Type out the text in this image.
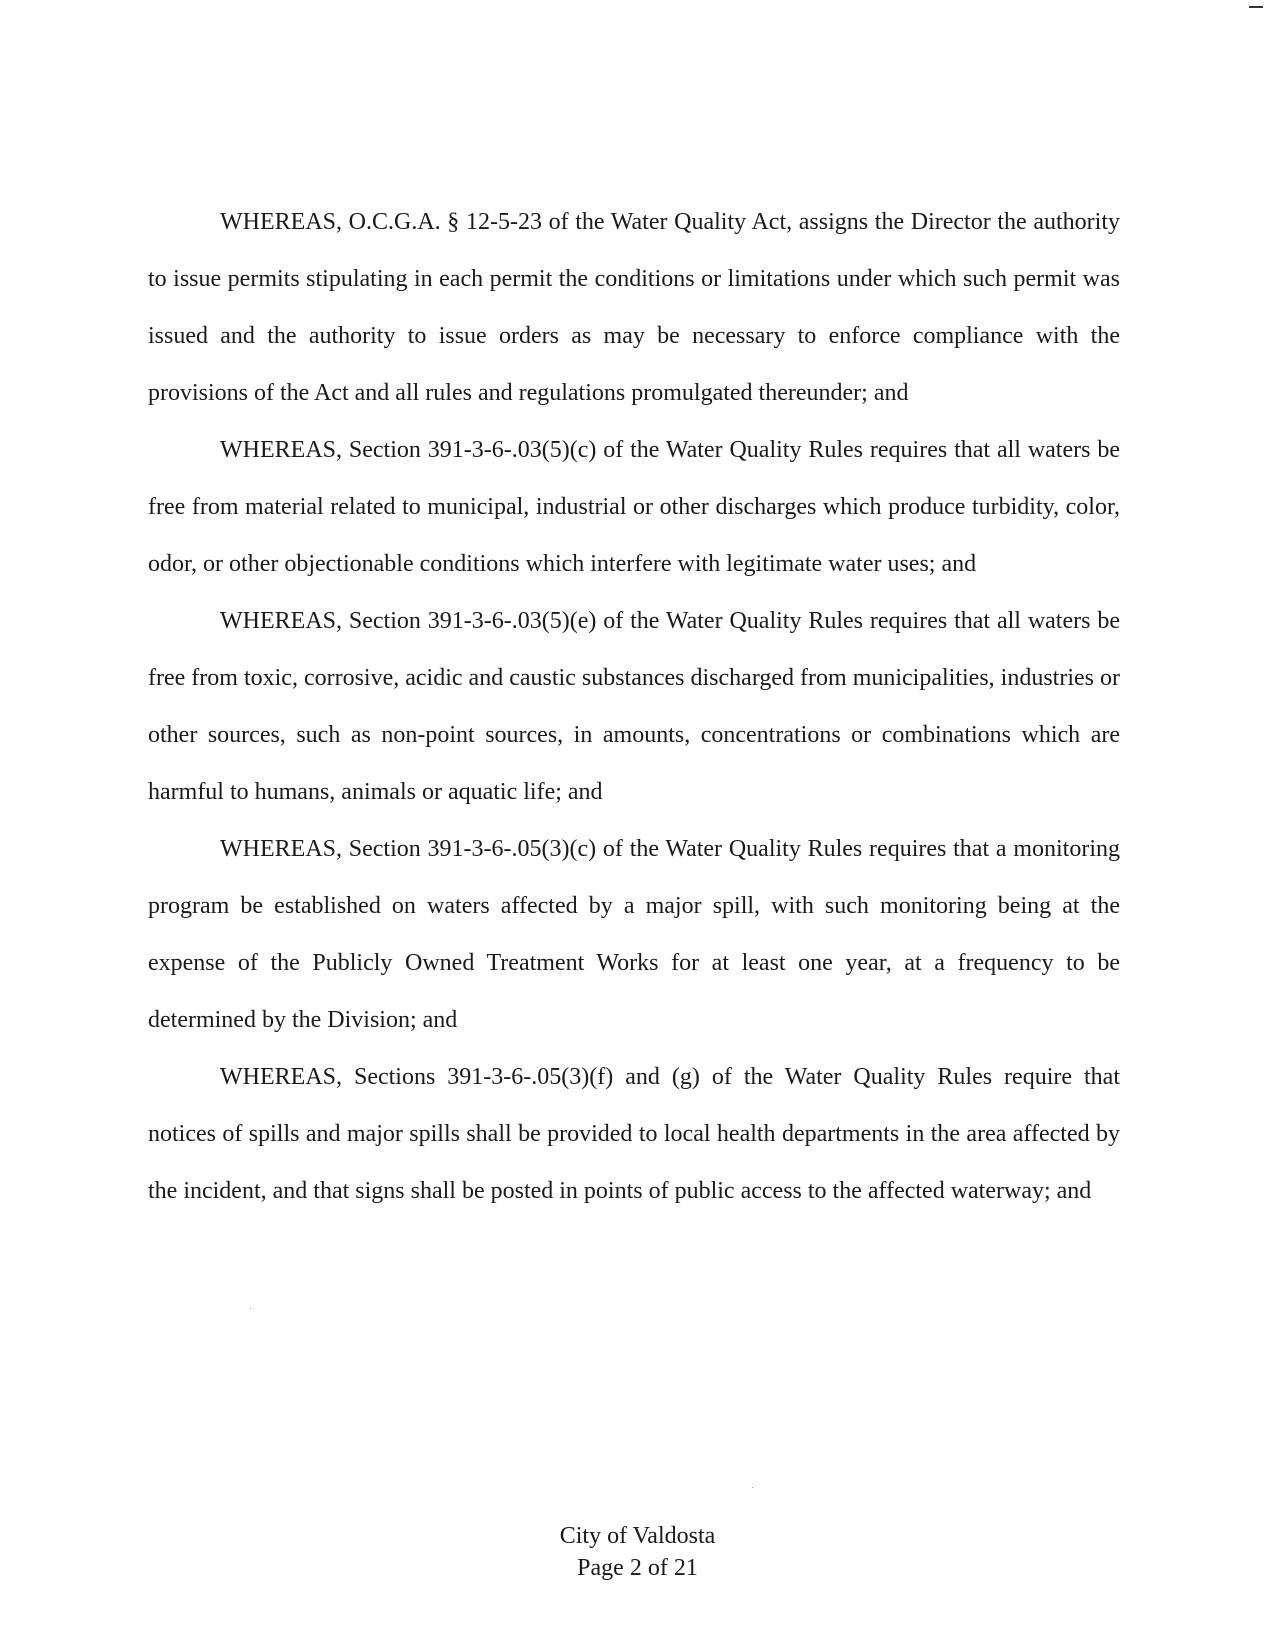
WHEREAS, O.C.G.A. § 12-5-23 of the Water Quality Act, assigns the Director the authority to issue permits stipulating in each permit the conditions or limitations under which such permit was issued and the authority to issue orders as may be necessary to enforce compliance with the provisions of the Act and all rules and regulations promulgated thereunder; and

WHEREAS, Section 391-3-6-.03(5)(c) of the Water Quality Rules requires that all waters be free from material related to municipal, industrial or other discharges which produce turbidity, color, odor, or other objectionable conditions which interfere with legitimate water uses; and

WHEREAS, Section 391-3-6-.03(5)(e) of the Water Quality Rules requires that all waters be free from toxic, corrosive, acidic and caustic substances discharged from municipalities, industries or other sources, such as non-point sources, in amounts, concentrations or combinations which are harmful to humans, animals or aquatic life; and

WHEREAS, Section 391-3-6-.05(3)(c) of the Water Quality Rules requires that a monitoring program be established on waters affected by a major spill, with such monitoring being at the expense of the Publicly Owned Treatment Works for at least one year, at a frequency to be determined by the Division; and

WHEREAS, Sections 391-3-6-.05(3)(f) and (g) of the Water Quality Rules require that notices of spills and major spills shall be provided to local health departments in the area affected by the incident, and that signs shall be posted in points of public access to the affected waterway; and

City of Valdosta
Page 2 of 21
